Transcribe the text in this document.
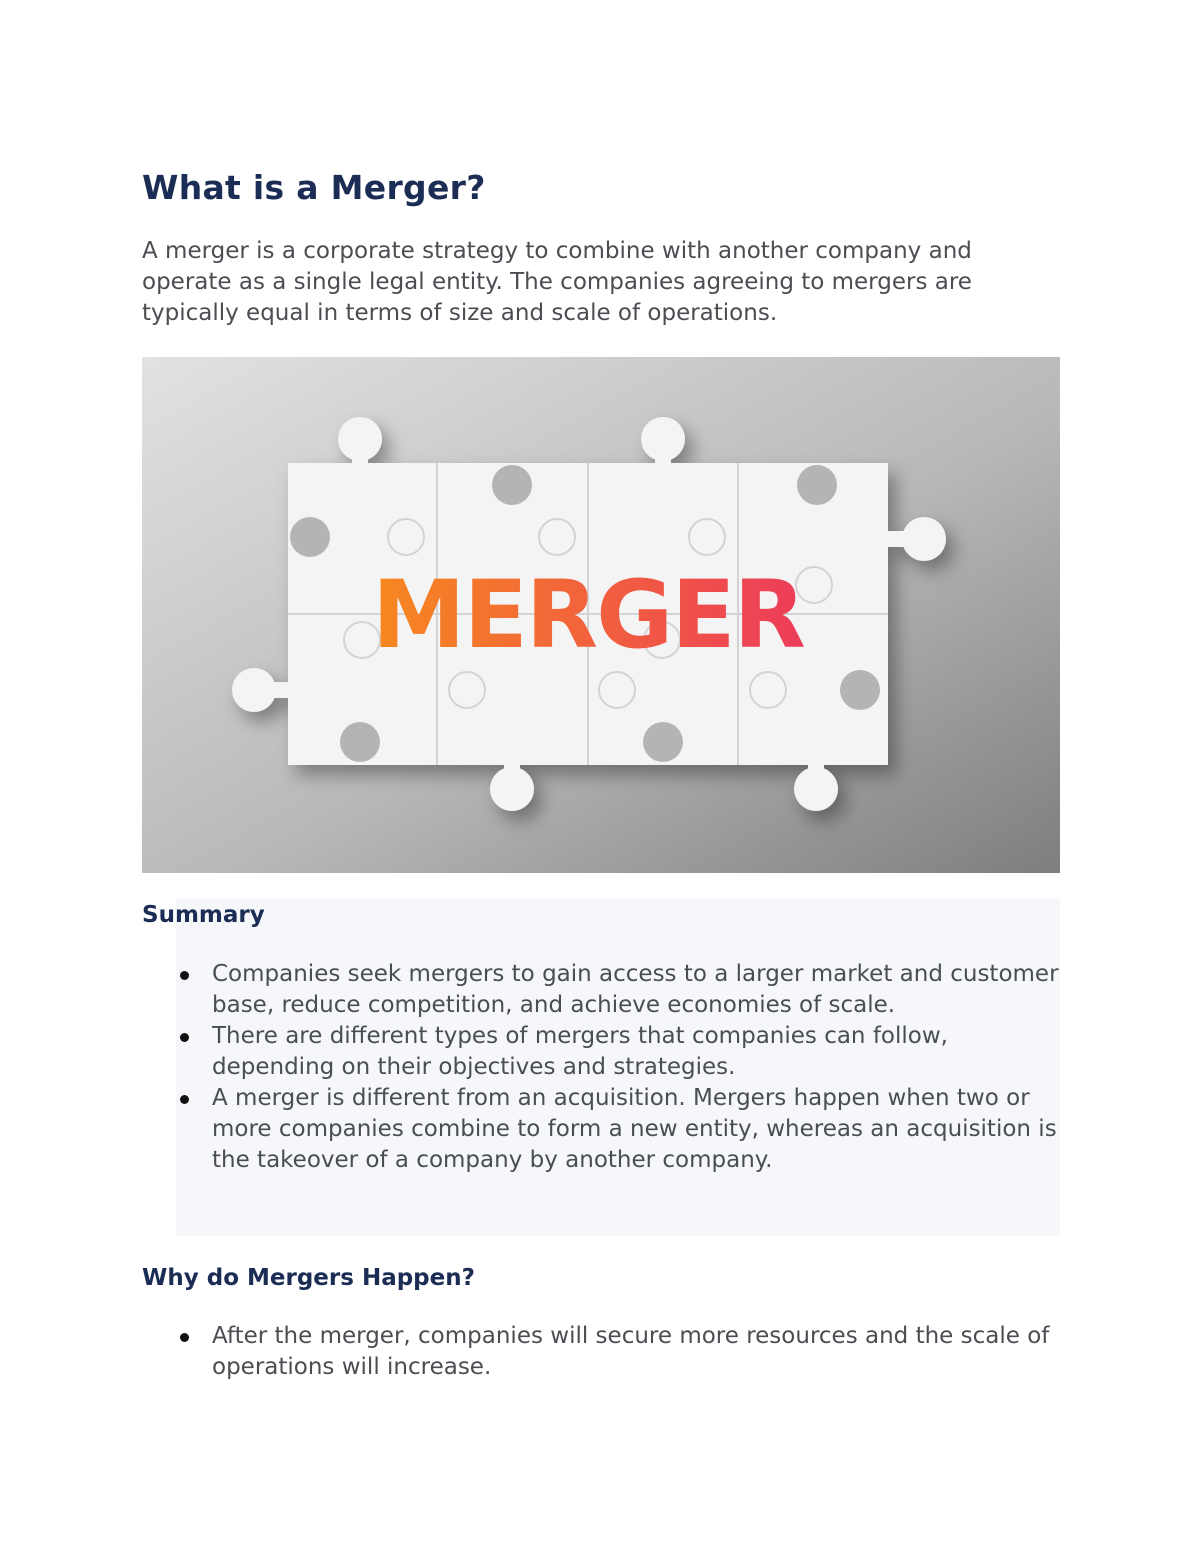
What is a Merger?

A merger is a corporate strategy to combine with another company and operate as a single legal entity. The companies agreeing to mergers are typically equal in terms of size and scale of operations.

MERGER
Summary
Companies seek mergers to gain access to a larger market and customer base, reduce competition, and achieve economies of scale.
There are different types of mergers that companies can follow, depending on their objectives and strategies.
A merger is different from an acquisition. Mergers happen when two or more companies combine to form a new entity, whereas an acquisition is the takeover of a company by another company.
Why do Mergers Happen?
After the merger, companies will secure more resources and the scale of operations will increase.
